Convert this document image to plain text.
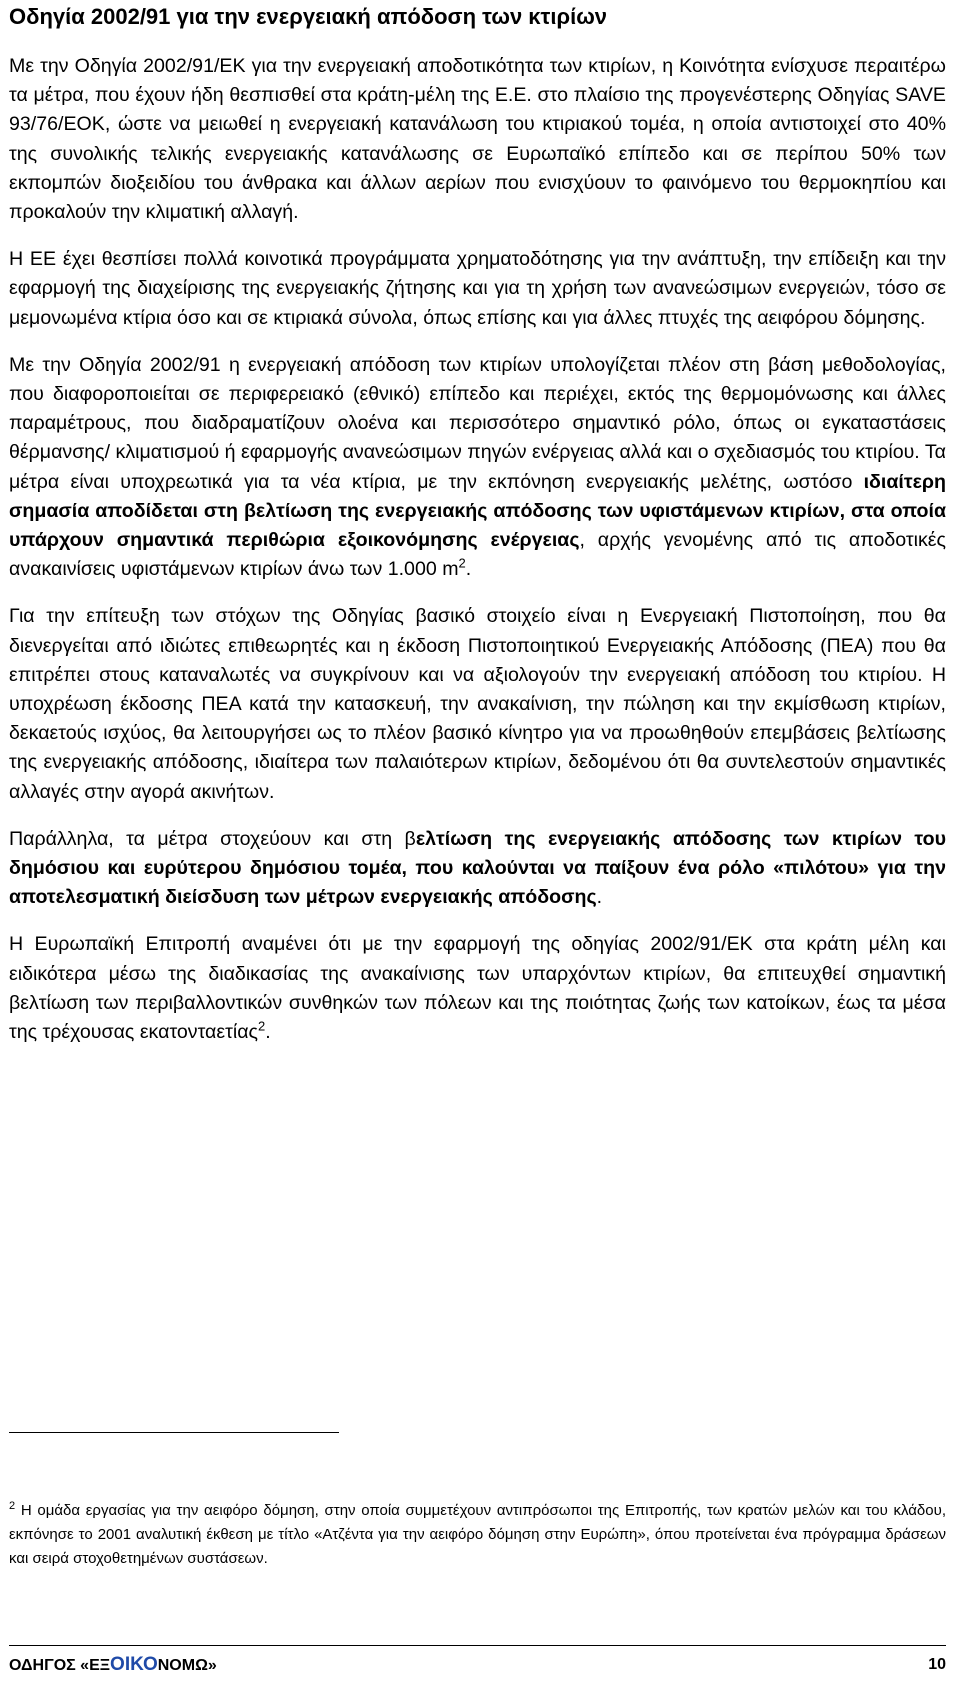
Οδηγία 2002/91 για την ενεργειακή απόδοση των κτιρίων

Με την Οδηγία 2002/91/ΕΚ για την ενεργειακή αποδοτικότητα των κτιρίων, η Κοινότητα ενίσχυσε περαιτέρω τα μέτρα, που έχουν ήδη θεσπισθεί στα κράτη-μέλη της Ε.Ε. στο πλαίσιο της προγενέστερης Οδηγίας SAVE 93/76/ΕΟΚ, ώστε να μειωθεί η ενεργειακή κατανάλωση του κτιριακού τομέα, η οποία αντιστοιχεί στο 40% της συνολικής τελικής ενεργειακής κατανάλωσης σε Ευρωπαϊκό επίπεδο και σε περίπου 50% των εκπομπών διοξειδίου του άνθρακα και άλλων αερίων που ενισχύουν το φαινόμενο του θερμοκηπίου και προκαλούν την κλιματική αλλαγή.

Η ΕΕ έχει θεσπίσει πολλά κοινοτικά προγράμματα χρηματοδότησης για την ανάπτυξη, την επίδειξη και την εφαρμογή της διαχείρισης της ενεργειακής ζήτησης και για τη χρήση των ανανεώσιμων ενεργειών, τόσο σε μεμονωμένα κτίρια όσο και σε κτιριακά σύνολα, όπως επίσης και για άλλες πτυχές της αειφόρου δόμησης.

Με την Οδηγία 2002/91 η ενεργειακή απόδοση των κτιρίων υπολογίζεται πλέον στη βάση μεθοδολογίας, που διαφοροποιείται σε περιφερειακό (εθνικό) επίπεδο και περιέχει, εκτός της θερμομόνωσης και άλλες παραμέτρους, που διαδραματίζουν ολοένα και περισσότερο σημαντικό ρόλο, όπως οι εγκαταστάσεις θέρμανσης/ κλιματισμού ή εφαρμογής ανανεώσιμων πηγών ενέργειας αλλά και ο σχεδιασμός του κτιρίου. Τα μέτρα είναι υποχρεωτικά για τα νέα κτίρια, με την εκπόνηση ενεργειακής μελέτης, ωστόσο ιδιαίτερη σημασία αποδίδεται στη βελτίωση της ενεργειακής απόδοσης των υφιστάμενων κτιρίων, στα οποία υπάρχουν σημαντικά περιθώρια εξοικονόμησης ενέργειας, αρχής γενομένης από τις αποδοτικές ανακαινίσεις υφιστάμενων κτιρίων άνω των 1.000 $m^2$.

Για την επίτευξη των στόχων της Οδηγίας βασικό στοιχείο είναι η Ενεργειακή Πιστοποίηση, που θα διενεργείται από ιδιώτες επιθεωρητές και η έκδοση Πιστοποιητικού Ενεργειακής Απόδοσης (ΠΕΑ) που θα επιτρέπει στους καταναλωτές να συγκρίνουν και να αξιολογούν την ενεργειακή απόδοση του κτιρίου. Η υποχρέωση έκδοσης ΠΕΑ κατά την κατασκευή, την ανακαίνιση, την πώληση και την εκμίσθωση κτιρίων, δεκαετούς ισχύος, θα λειτουργήσει ως το πλέον βασικό κίνητρο για να προωθηθούν επεμβάσεις βελτίωσης της ενεργειακής απόδοσης, ιδιαίτερα των παλαιότερων κτιρίων, δεδομένου ότι θα συντελεστούν σημαντικές αλλαγές στην αγορά ακινήτων.

Παράλληλα, τα μέτρα στοχεύουν και στη βελτίωση της ενεργειακής απόδοσης των κτιρίων του δημόσιου και ευρύτερου δημόσιου τομέα, που καλούνται να παίξουν ένα ρόλο «πιλότου» για την αποτελεσματική διείσδυση των μέτρων ενεργειακής απόδοσης.

Η Ευρωπαϊκή Επιτροπή αναμένει ότι με την εφαρμογή της οδηγίας 2002/91/ΕΚ στα κράτη μέλη και ειδικότερα μέσω της διαδικασίας της ανακαίνισης των υπαρχόντων κτιρίων, θα επιτευχθεί σημαντική βελτίωση των περιβαλλοντικών συνθηκών των πόλεων και της ποιότητας ζωής των κατοίκων, έως τα μέσα της τρέχουσας εκατονταετίας$^2$.

$^2$ Η ομάδα εργασίας για την αειφόρο δόμηση, στην οποία συμμετέχουν αντιπρόσωποι της Επιτροπής, των κρατών μελών και του κλάδου, εκπόνησε το 2001 αναλυτική έκθεση με τίτλο «Ατζέντα για την αειφόρο δόμηση στην Ευρώπη», όπου προτείνεται ένα πρόγραμμα δράσεων και σειρά στοχοθετημένων συστάσεων.

ΟΔΗΓΟΣ «ΕΞΟΙΚΟΝΟΜΩ»	10
